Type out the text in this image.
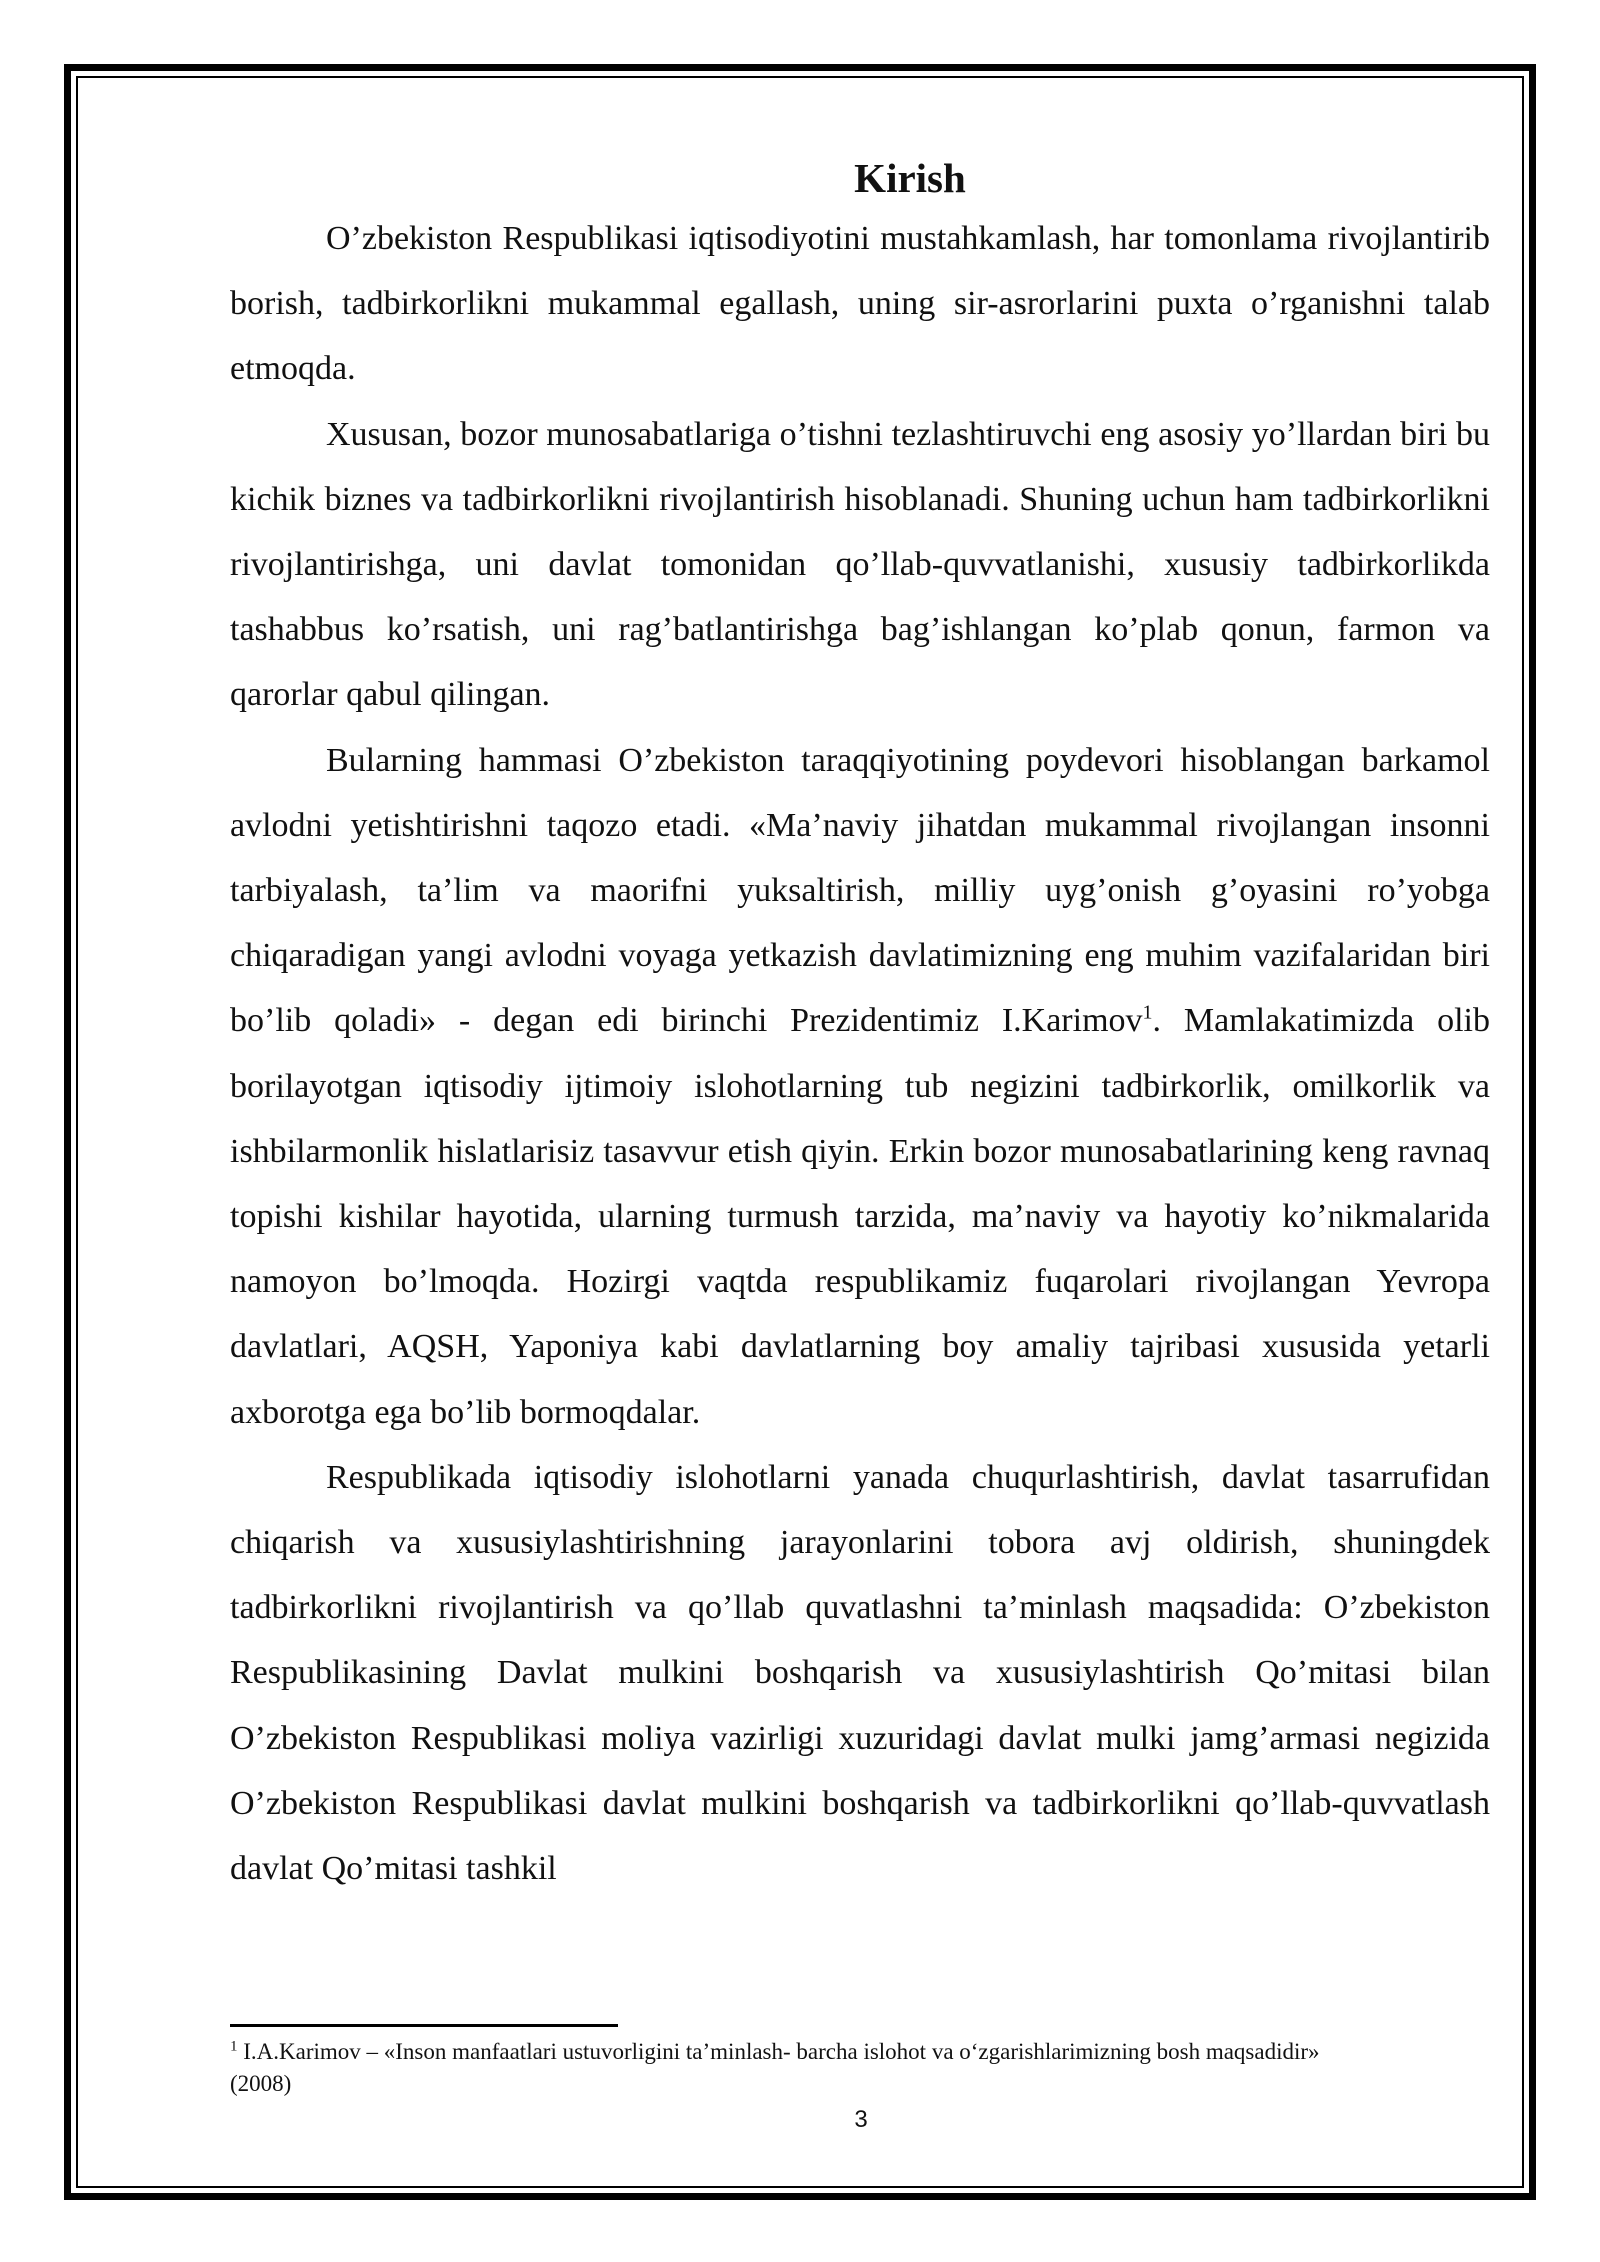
Kirish

O’zbekiston Respublikasi iqtisodiyotini mustahkamlash, har tomonlama rivojlantirib borish, tadbirkorlikni mukammal egallash, uning sir-asrorlarini puxta o’rganishni talab etmoqda.

Xususan, bozor munosabatlariga o’tishni tezlashtiruvchi eng asosiy yo’llardan biri bu kichik biznes va tadbirkorlikni rivojlantirish hisoblanadi. Shuning uchun ham tadbirkorlikni rivojlantirishga, uni davlat tomonidan qo’llab-quvvatlanishi, xususiy tadbirkorlikda tashabbus ko’rsatish, uni rag’batlantirishga bag’ishlangan ko’plab qonun, farmon va qarorlar qabul qilingan.

Bularning hammasi O’zbekiston taraqqiyotining poydevori hisoblangan barkamol avlodni yetishtirishni taqozo etadi. «Ma’naviy jihatdan mukammal rivojlangan insonni tarbiyalash, ta’lim va maorifni yuksaltirish, milliy uyg’onish g’oyasini ro’yobga chiqaradigan yangi avlodni voyaga yetkazish davlatimizning eng muhim vazifalaridan biri bo’lib qoladi» - degan edi birinchi Prezidentimiz I.Karimov$^1$. Mamlakatimizda olib borilayotgan iqtisodiy ijtimoiy islohotlarning tub negizini tadbirkorlik, omilkorlik va ishbilarmonlik hislatlarisiz tasavvur etish qiyin. Erkin bozor munosabatlarining keng ravnaq topishi kishilar hayotida, ularning turmush tarzida, ma’naviy va hayotiy ko’nikmalarida namoyon bo’lmoqda. Hozirgi vaqtda respublikamiz fuqarolari rivojlangan Yevropa davlatlari, AQSH, Yaponiya kabi davlatlarning boy amaliy tajribasi xususida yetarli axborotga ega bo’lib bormoqdalar.

Respublikada iqtisodiy islohotlarni yanada chuqurlashtirish, davlat tasarrufidan chiqarish va xususiylashtirishning jarayonlarini tobora avj oldirish, shuningdek tadbirkorlikni rivojlantirish va qo’llab quvatlashni ta’minlash maqsadida: O’zbekiston Respublikasining Davlat mulkini boshqarish va xususiylashtirish Qo’mitasi bilan O’zbekiston Respublikasi moliya vazirligi xuzuridagi davlat mulki jamg’armasi negizida O’zbekiston Respublikasi davlat mulkini boshqarish va tadbirkorlikni qo’llab-quvvatlash davlat Qo’mitasi tashkil

$^1$ I.A.Karimov – «Inson manfaatlari ustuvorligini ta’minlash- barcha islohot va o‘zgarishlarimizning bosh maqsadidir» (2008)
3
